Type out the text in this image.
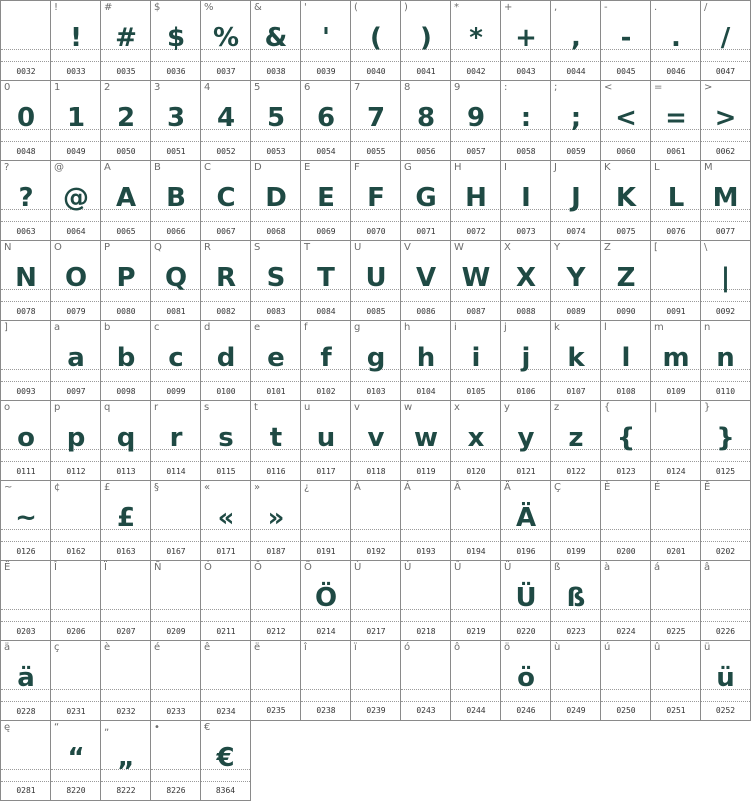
0032
!
!
0033
#
#
0035
$
$
0036
%
%
0037
&
&
0038
'
'
0039
(
(
0040
)
)
0041
*
*
0042
+
+
0043
,
,
0044
-
-
0045
.
.
0046
/
/
0047
0
0
0048
1
1
0049
2
2
0050
3
3
0051
4
4
0052
5
5
0053
6
6
0054
7
7
0055
8
8
0056
9
9
0057
:
:
0058
;
;
0059
<
<
0060
=
=
0061
>
>
0062
?
?
0063
@
@
0064
A
A
0065
B
B
0066
C
C
0067
D
D
0068
E
E
0069
F
F
0070
G
G
0071
H
H
0072
I
I
0073
J
J
0074
K
K
0075
L
L
0076
M
M
0077
N
N
0078
O
O
0079
P
P
0080
Q
Q
0081
R
R
0082
S
S
0083
T
T
0084
U
U
0085
V
V
0086
W
W
0087
X
X
0088
Y
Y
0089
Z
Z
0090
[
0091
\
|
0092
]
0093
a
a
0097
b
b
0098
c
c
0099
d
d
0100
e
e
0101
f
f
0102
g
g
0103
h
h
0104
i
i
0105
j
j
0106
k
k
0107
l
l
0108
m
m
0109
n
n
0110
o
o
0111
p
p
0112
q
q
0113
r
r
0114
s
s
0115
t
t
0116
u
u
0117
v
v
0118
w
w
0119
x
x
0120
y
y
0121
z
z
0122
{
{
0123
|
0124
}
}
0125
~
~
0126
¢
0162
£
£
0163
§
0167
«
«
0171
»
»
0187
¿
0191
À
0192
Á
0193
Â
0194
Ä
Ä
0196
Ç
0199
È
0200
É
0201
Ê
0202
Ë
0203
Î
0206
Ï
0207
Ñ
0209
Ó
0211
Ô
0212
Ö
Ö
0214
Ù
0217
Ú
0218
Û
0219
Ü
Ü
0220
ß
ß
0223
à
0224
á
0225
â
0226
ä
ä
0228
ç
0231
è
0232
é
0233
ê
0234
ë
0235
î
0238
ï
0239
ó
0243
ô
0244
ö
ö
0246
ù
0249
ú
0250
û
0251
ü
ü
0252
ę
0281
“
“
8220
„
„
8222
•
8226
€
€
8364
